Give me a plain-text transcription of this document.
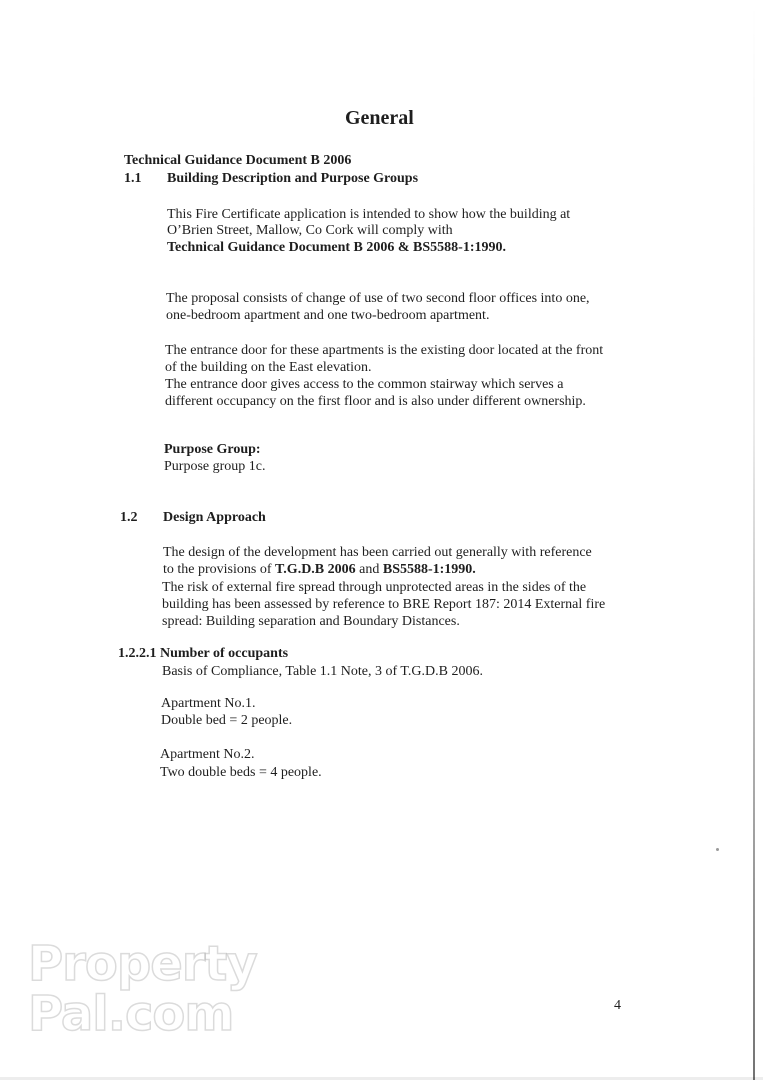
General
Technical Guidance Document B 2006
1.1 Building Description and Purpose Groups
This Fire Certificate application is intended to show how the building at
O’Brien Street, Mallow, Co Cork will comply with
Technical Guidance Document B 2006 & BS5588-1:1990.
The proposal consists of change of use of two second floor offices into one,
one-bedroom apartment and one two-bedroom apartment.
The entrance door for these apartments is the existing door located at the front
of the building on the East elevation.
The entrance door gives access to the common stairway which serves a
different occupancy on the first floor and is also under different ownership.
Purpose Group:
Purpose group 1c.
1.2 Design Approach
The design of the development has been carried out generally with reference
to the provisions of T.G.D.B 2006 and BS5588-1:1990.
The risk of external fire spread through unprotected areas in the sides of the
building has been assessed by reference to BRE Report 187: 2014 External fire
spread: Building separation and Boundary Distances.
1.2.2.1 Number of occupants
Basis of Compliance, Table 1.1 Note, 3 of T.G.D.B 2006.
Apartment No.1.
Double bed = 2 people.
Apartment No.2.
Two double beds = 4 people.
4
Property
Pal.com
